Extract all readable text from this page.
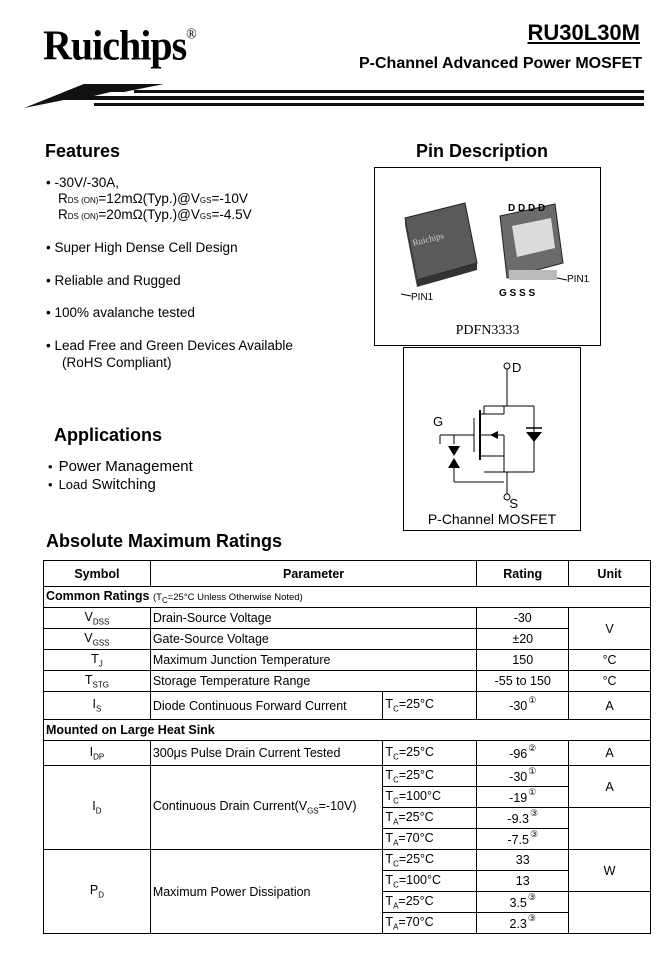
Ruichips®	RU30L30M
P-Channel Advanced Power MOSFET
Features
• -30V/-30A,
RDS (ON)=12mΩ(Typ.)@VGS=-10V
RDS (ON)=20mΩ(Typ.)@VGS=-4.5V
• Super High Dense Cell Design
• Reliable and Rugged
• 100% avalanche tested
• Lead Free and Green Devices Available
(RoHS Compliant)
Pin Description
Ruichips
D D D D
G S S S
PIN1
PIN1
PDFN3333
D
G
S
P-Channel MOSFET
Applications
• Power Management
• Load Switching
Absolute Maximum Ratings
Symbol	Parameter		Rating	Unit
Common Ratings ($T_C=25^\circ C$ Unless Otherwise Noted)				
$V_{DSS}$	Drain-Source Voltage		-30	V
$V_{GSS}$	Gate-Source Voltage		±20	
$T_J$	Maximum Junction Temperature		150	°C
$T_{STG}$	Storage Temperature Range		-55 to 150	°C
$I_S$	Diode Continuous Forward Current	$T_C=25^\circ C$	-30①	A
Mounted on Large Heat Sink				
$I_{DP}$	300μs Pulse Drain Current Tested	$T_C=25^\circ C$	-96②	A
$I_D$	Continuous Drain $Current(V_{GS}=-10V)$	$T_C=25^\circ C$	-30①	A
		$T_C=100^\circ C$	-19①
		$T_A=25^\circ C$	-9.3③	
		$T_A=70^\circ C$	-7.5③
$P_D$	Maximum Power Dissipation	$T_C=25^\circ C$	33	W
		$T_C=100^\circ C$	13	
		$T_A=25^\circ C$	3.5③	
		$T_A=70^\circ C$	2.3③
